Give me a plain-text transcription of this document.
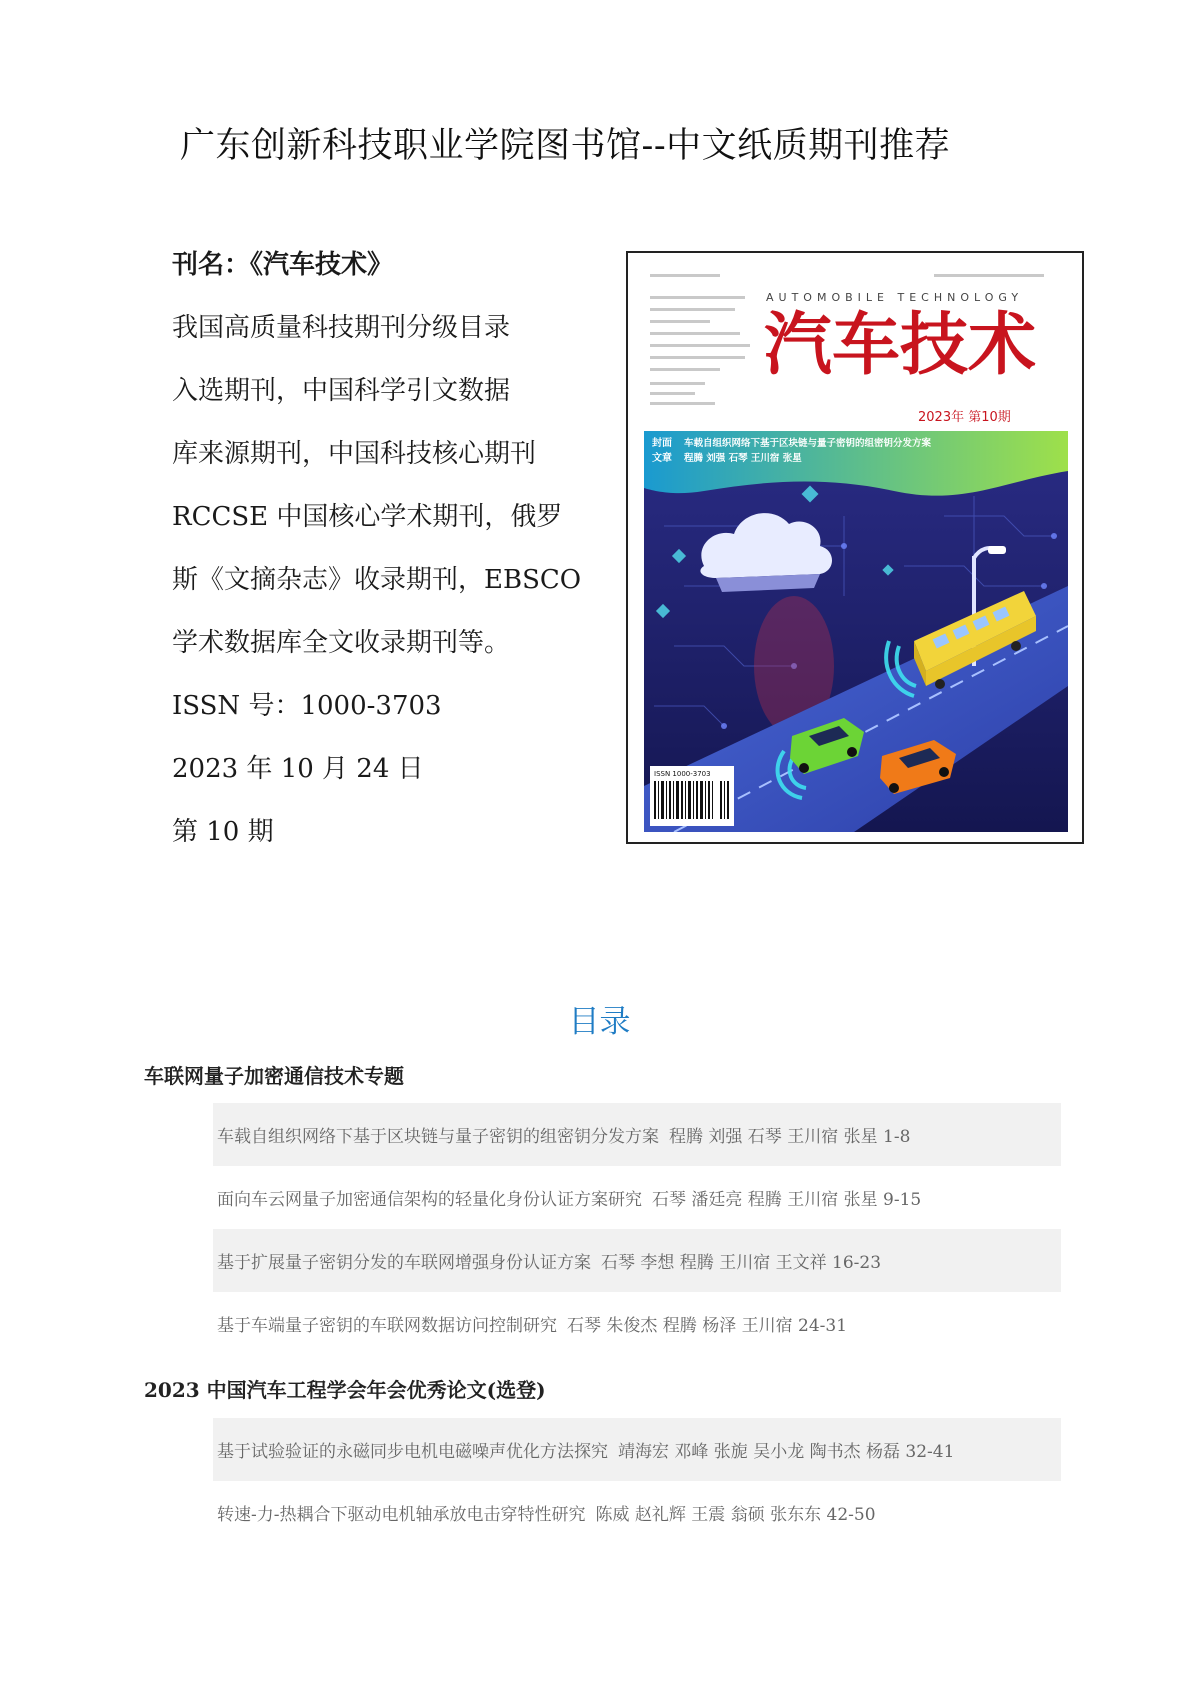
广东创新科技职业学院图书馆--中文纸质期刊推荐
刊名：《汽车技术》
我国高质量科技期刊分级目录
入选期刊，中国科学引文数据
库来源期刊，中国科技核心期刊
RCCSE 中国核心学术期刊，俄罗
斯《文摘杂志》收录期刊，EBSCO
学术数据库全文收录期刊等。
ISSN 号：1000-3703
2023 年 10 月 24 日
第 10 期
AUTOMOBILE TECHNOLOGY
汽车技术
2023年 第10期
封面
文章
车载自组织网络下基于区块链与量子密钥的组密钥分发方案
程腾 刘强 石琴 王川宿 张星
ISSN 1000-3703
目录
车联网量子加密通信技术专题
车载自组织网络下基于区块链与量子密钥的组密钥分发方案 程腾 刘强 石琴 王川宿 张星 1-8
面向车云网量子加密通信架构的轻量化身份认证方案研究 石琴 潘廷亮 程腾 王川宿 张星 9-15
基于扩展量子密钥分发的车联网增强身份认证方案 石琴 李想 程腾 王川宿 王文祥 16-23
基于车端量子密钥的车联网数据访问控制研究 石琴 朱俊杰 程腾 杨泽 王川宿 24-31
2023 中国汽车工程学会年会优秀论文(选登)
基于试验验证的永磁同步电机电磁噪声优化方法探究 靖海宏 邓峰 张旎 吴小龙 陶书杰 杨磊 32-41
转速-力-热耦合下驱动电机轴承放电击穿特性研究 陈威 赵礼辉 王震 翁硕 张东东 42-50
